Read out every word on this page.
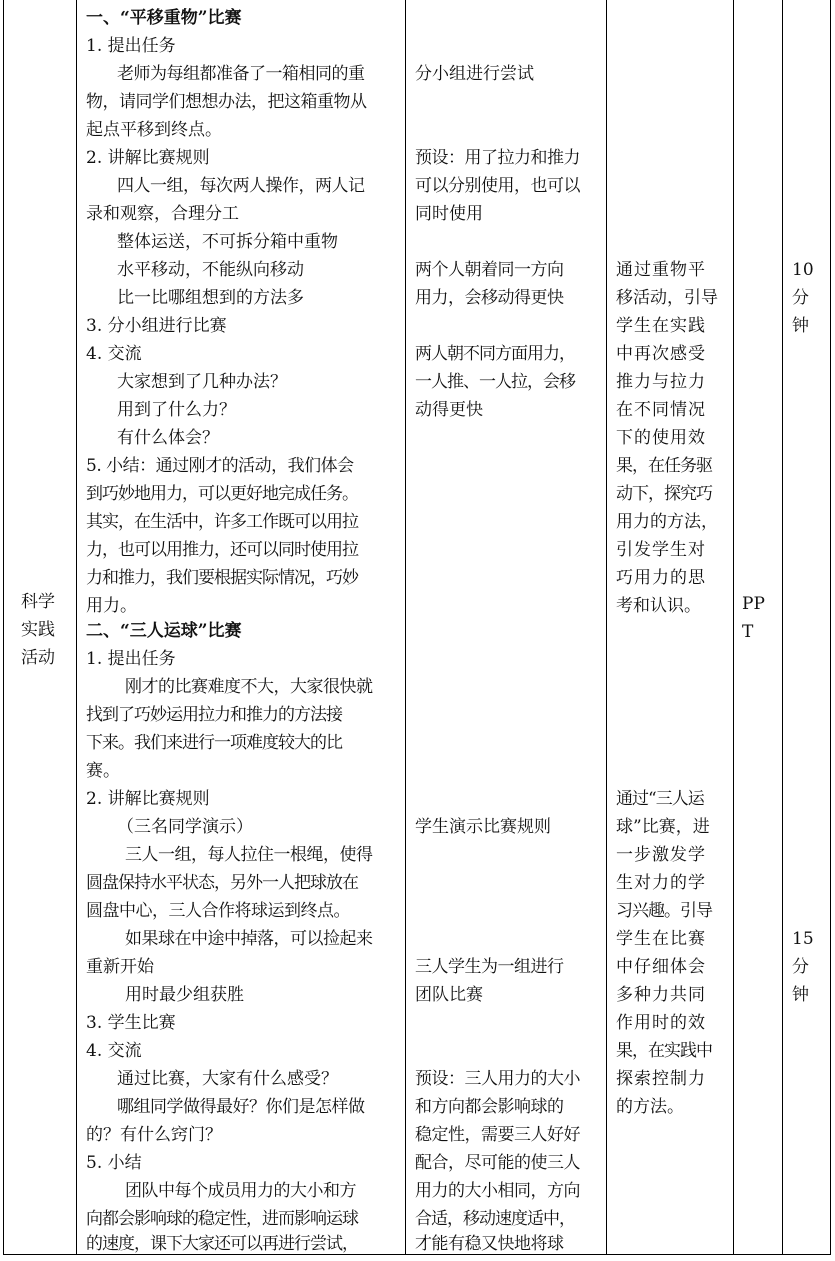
科学
实践
活动
一、“平移重物”比赛
1. 提出任务
老师为每组都准备了一箱相同的重
物，请同学们想想办法，把这箱重物从
起点平移到终点。
2. 讲解比赛规则
四人一组，每次两人操作，两人记
录和观察，合理分工
整体运送，不可拆分箱中重物
水平移动，不能纵向移动
比一比哪组想到的方法多
3. 分小组进行比赛
4. 交流
大家想到了几种办法？
用到了什么力？
有什么体会？
5. 小结：通过刚才的活动，我们体会
到巧妙地用力，可以更好地完成任务。
其实，在生活中，许多工作既可以用拉
力，也可以用推力，还可以同时使用拉
力和推力，我们要根据实际情况，巧妙
用力。
二、“三人运球”比赛
1. 提出任务
刚才的比赛难度不大，大家很快就
找到了巧妙运用拉力和推力的方法接
下来。我们来进行一项难度较大的比
赛。
2. 讲解比赛规则
（三名同学演示）
三人一组，每人拉住一根绳，使得
圆盘保持水平状态，另外一人把球放在
圆盘中心，三人合作将球运到终点。
如果球在中途中掉落，可以捡起来
重新开始
用时最少组获胜
3. 学生比赛
4. 交流
通过比赛，大家有什么感受？
哪组同学做得最好？你们是怎样做
的？有什么窍门？
5. 小结
团队中每个成员用力的大小和方
向都会影响球的稳定性，进而影响运球
的速度，课下大家还可以再进行尝试，
分小组进行尝试
预设：用了拉力和推力
可以分别使用，也可以
同时使用
两个人朝着同一方向
用力，会移动得更快
两人朝不同方面用力，
一人推、一人拉，会移
动得更快
学生演示比赛规则
三人学生为一组进行
团队比赛
预设：三人用力的大小
和方向都会影响球的
稳定性，需要三人好好
配合，尽可能的使三人
用力的大小相同，方向
合适，移动速度适中，
才能有稳又快地将球
通过重物平
移活动，引导
学生在实践
中再次感受
推力与拉力
在不同情况
下的使用效
果，在任务驱
动下，探究巧
用力的方法，
引发学生对
巧用力的思
考和认识。
通过“三人运
球”比赛，进
一步激发学
生对力的学
习兴趣。引导
学生在比赛
中仔细体会
多种力共同
作用时的效
果，在实践中
探索控制力
的方法。
PP
T
10
分
钟
15
分
钟
